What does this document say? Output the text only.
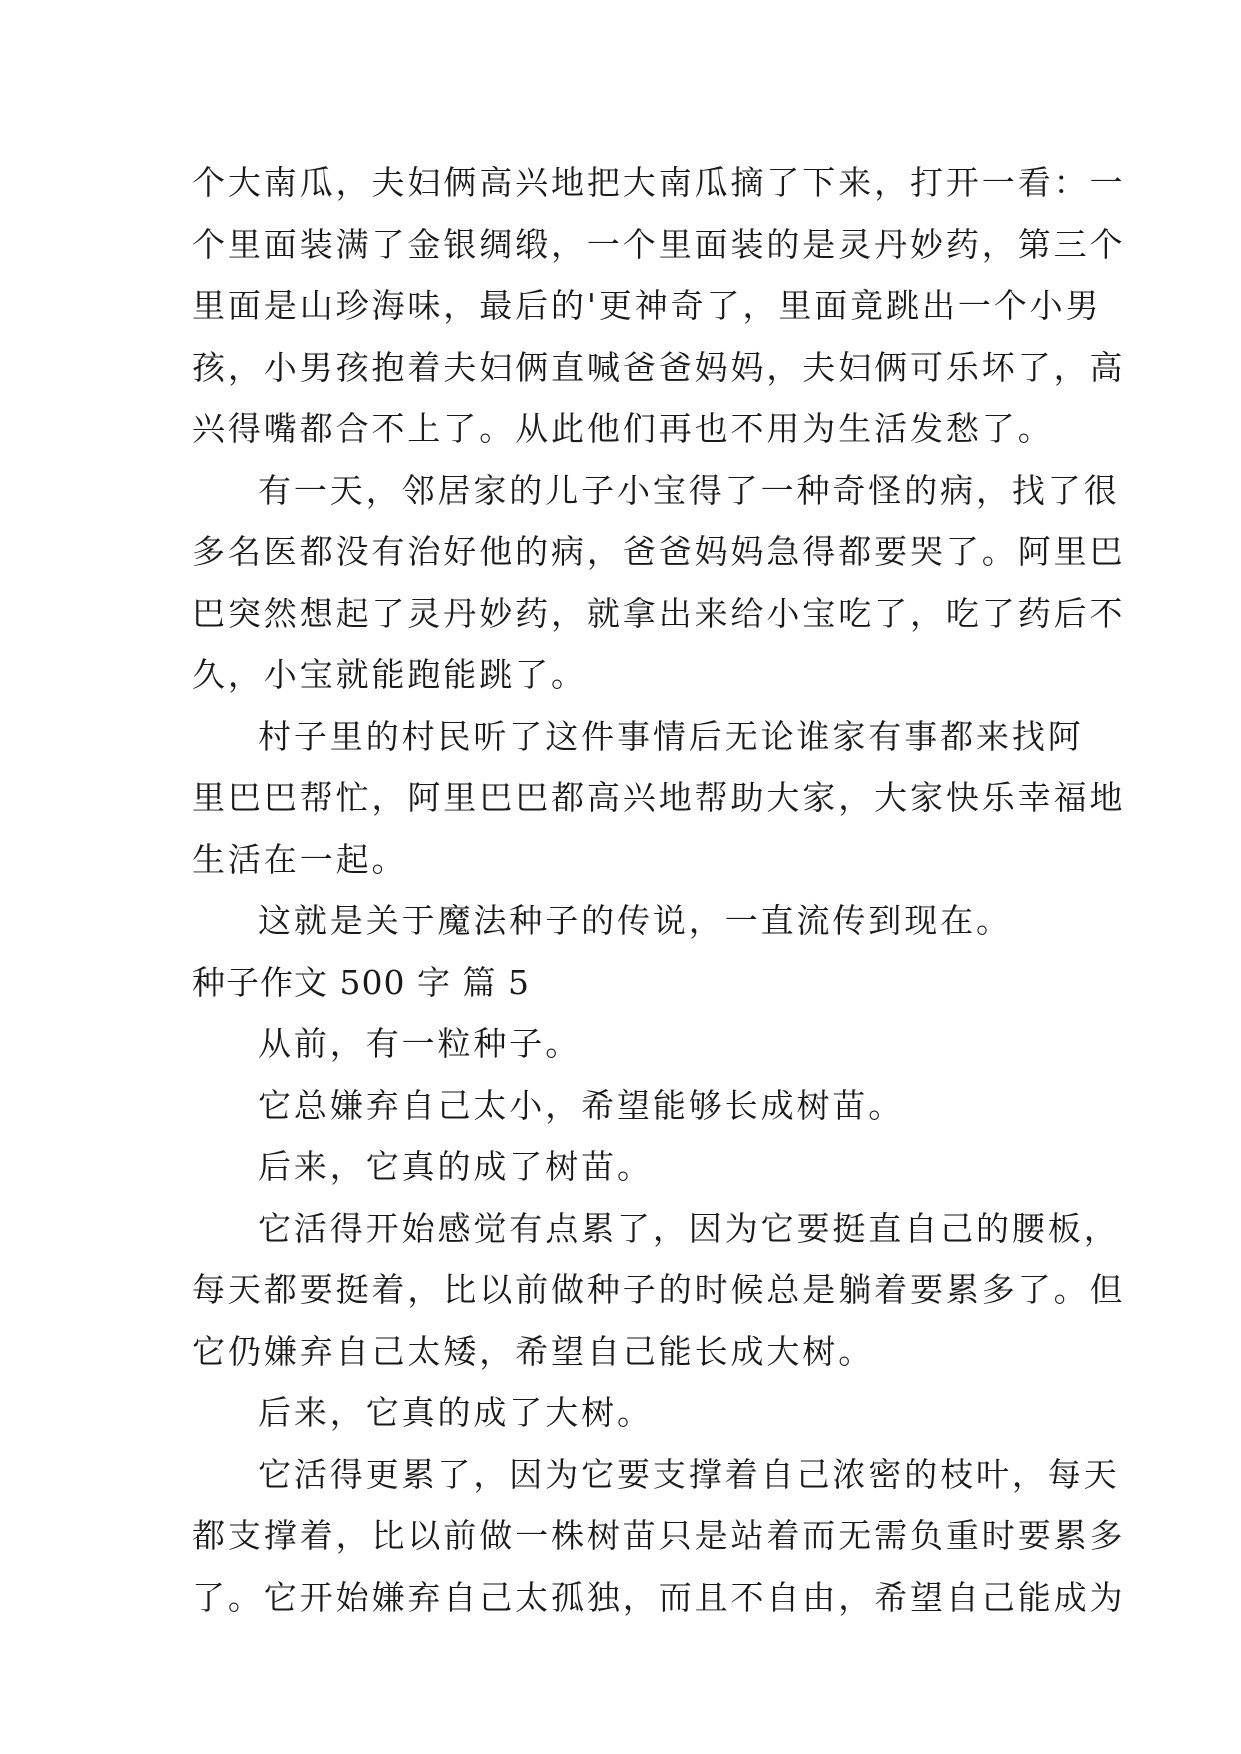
个大南瓜，夫妇俩高兴地把大南瓜摘了下来，打开一看：一
个里面装满了金银绸缎，一个里面装的是灵丹妙药，第三个
里面是山珍海味，最后的'更神奇了，里面竟跳出一个小男
孩，小男孩抱着夫妇俩直喊爸爸妈妈，夫妇俩可乐坏了，高
兴得嘴都合不上了。从此他们再也不用为生活发愁了。
有一天，邻居家的儿子小宝得了一种奇怪的病，找了很
多名医都没有治好他的病，爸爸妈妈急得都要哭了。阿里巴
巴突然想起了灵丹妙药，就拿出来给小宝吃了，吃了药后不
久，小宝就能跑能跳了。
村子里的村民听了这件事情后无论谁家有事都来找阿
里巴巴帮忙，阿里巴巴都高兴地帮助大家，大家快乐幸福地
生活在一起。
这就是关于魔法种子的传说，一直流传到现在。
种子作文 500 字 篇 5
从前，有一粒种子。
它总嫌弃自己太小，希望能够长成树苗。
后来，它真的成了树苗。
它活得开始感觉有点累了，因为它要挺直自己的腰板，
每天都要挺着，比以前做种子的时候总是躺着要累多了。但
它仍嫌弃自己太矮，希望自己能长成大树。
后来，它真的成了大树。
它活得更累了，因为它要支撑着自己浓密的枝叶，每天
都支撑着，比以前做一株树苗只是站着而无需负重时要累多
了。它开始嫌弃自己太孤独，而且不自由，希望自己能成为
